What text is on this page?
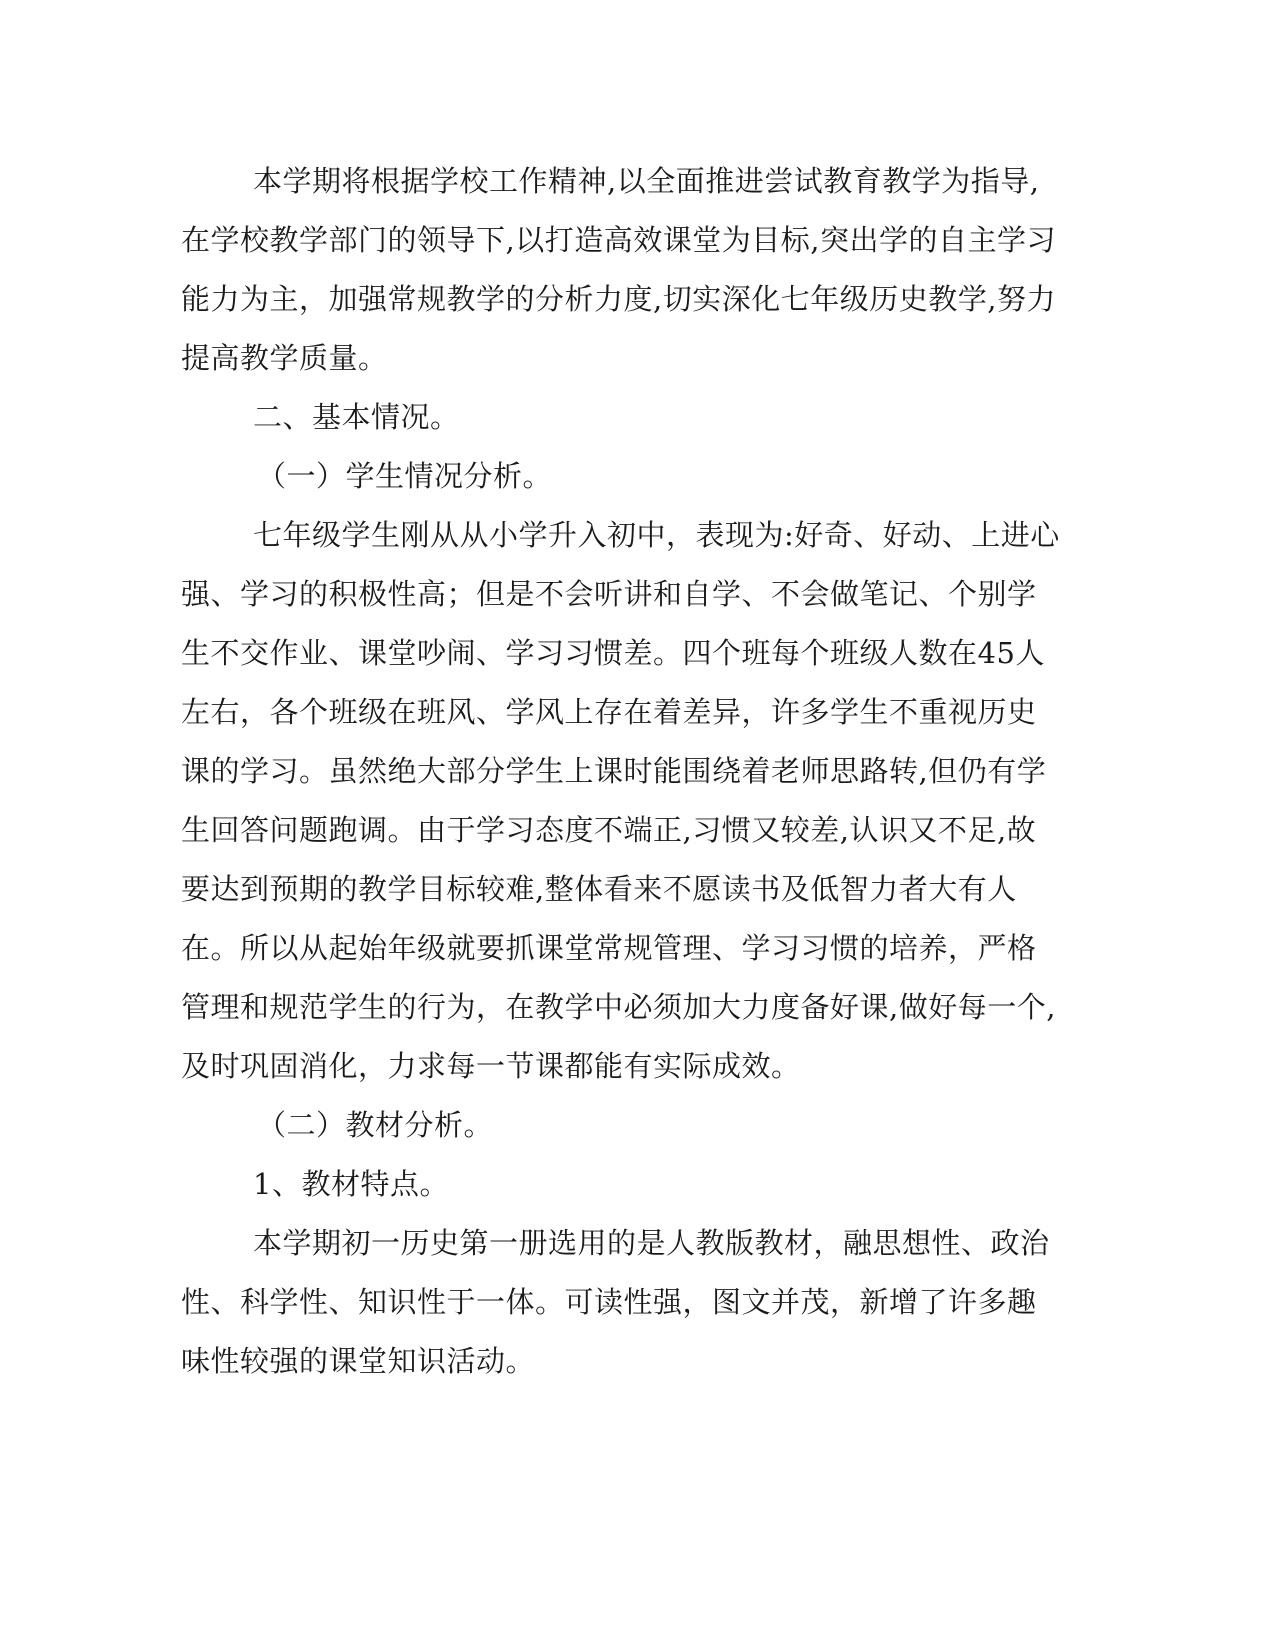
本学期将根据学校工作精神,以全面推进尝试教育教学为指导,在学校教学部门的领导下,以打造高效课堂为目标,突出学的自主学习能力为主，加强常规教学的分析力度,切实深化七年级历史教学,努力提高教学质量。

二、基本情况。

（一）学生情况分析。

七年级学生刚从从小学升入初中，表现为:好奇、好动、上进心强、学习的积极性高；但是不会听讲和自学、不会做笔记、个别学生不交作业、课堂吵闹、学习习惯差。四个班每个班级人数在45人左右，各个班级在班风、学风上存在着差异，许多学生不重视历史课的学习。虽然绝大部分学生上课时能围绕着老师思路转,但仍有学生回答问题跑调。由于学习态度不端正,习惯又较差,认识又不足,故要达到预期的教学目标较难,整体看来不愿读书及低智力者大有人在。所以从起始年级就要抓课堂常规管理、学习习惯的培养，严格管理和规范学生的行为，在教学中必须加大力度备好课,做好每一个,及时巩固消化，力求每一节课都能有实际成效。

（二）教材分析。

1、教材特点。

本学期初一历史第一册选用的是人教版教材，融思想性、政治性、科学性、知识性于一体。可读性强，图文并茂，新增了许多趣味性较强的课堂知识活动。
